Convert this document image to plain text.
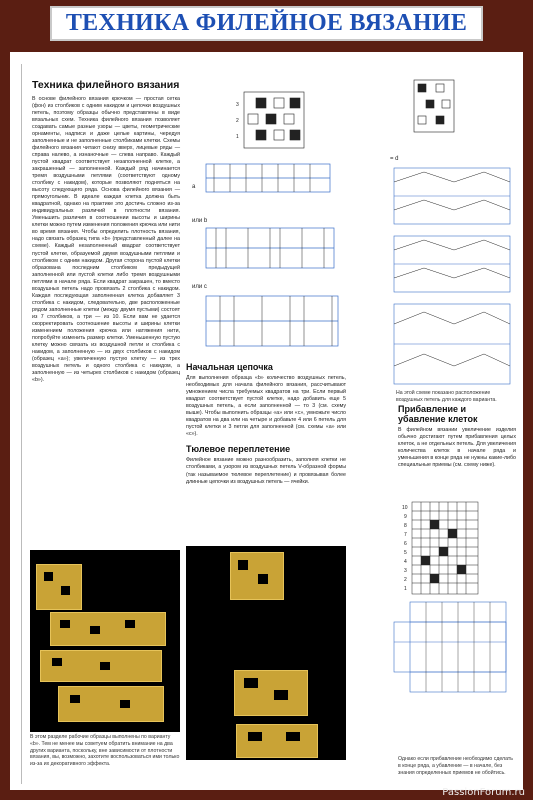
ТЕХНИКА ФИЛЕЙНОЕ ВЯЗАНИЕ
Техника филейного вязания

В основе филейного вязания крючком — простая сетка (фон) из столбиков с одним накидом и цепочки воздушных петель, поэтому образцы обычно представлены в виде вязальных схем. Техника филейного вязания позволяет создавать самые разные узоры — цветы, геометрические орнаменты, надписи и даже целые картины, чередуя заполненные и не заполненные столбиками клетки. Схемы филейного вязания читают снизу вверх, лицевые ряды — справа налево, а изнаночные — слева направо. Каждый пустой квадрат соответствует незаполненной клетке, а закрашенный — заполненной. Каждый ряд начинается тремя воздушными петлями (соответствуют одному столбику с накидом), которые позволяют подняться на высоту следующего ряда. Основа филейного вязания — прямоугольник. В идеале каждая клетка должна быть квадратной, однако на практике это достичь сложно из-за индивидуальных различий в плотности вязания. Уменьшить различия в соотношении высоты и ширины клетки можно путем изменения положения крючка или нити во время вязания. Чтобы определить плотность вязания, надо связать образец типа «b» (представленный далее на схеме). Каждый незаполненный квадрат соответствует пустой клетке, образуемой двумя воздушными петлями и столбиком с одним накидом. Другая сторона пустой клетки образована последним столбиком предыдущей заполненной или пустой клетки либо тремя воздушными петлями в начале ряда. Если квадрат закрашен, то вместо воздушных петель надо провязать 2 столбика с накидом. Каждая последующая заполненная клетка добавляет 3 столбика с накидом, следовательно, две расположенные рядом заполненные клетки (между двумя пустыми) состоят из 7 столбиков, а три — из 10. Если вам не удается скорректировать соотношение высоты и ширины клетки изменением положения крючка или натяжения нити, попробуйте изменить размер клетки. Уменьшенную пустую клетку можно связать из воздушной петли и столбика с накидом, а заполненную — из двух столбиков с накидом (образец «a»); увеличенную пустую клетку — из трех воздушных петель и одного столбика с накидом, а заполненную — из четырех столбиков с накидом (образец «b»).

В этом разделе рабочие образцы выполнены по варианту «b». Тем не менее мы советуем обратить внимание на два других варианта, поскольку, вне зависимости от плотности вязания, вы, возможно, захотите воспользоваться ими только из-за их декоративного эффекта.
3
2
1
a
или b
или c
Начальная цепочка

Для выполнения образца «b» количество воздушных петель, необходимых для начала филейного вязания, рассчитывают умножением числа требуемых квадратов на три. Если первый квадрат соответствует пустой клетке, надо добавить еще 5 воздушных петель, а если заполненной — то 3 (см. схему выше). Чтобы выполнить образцы «a» или «c», умножьте число квадратов на два или на четыре и добавьте 4 или 6 петель для пустой клетки и 3 петли для заполненной (см. схемы «a» или «c»).

Тюлевое переплетение

Филейное вязание можно разнообразить, заполняя клетки не столбиками, а узором из воздушных петель V-образной формы (так называемое тюлевое переплетение) и провязывая более длинные цепочки из воздушных петель — ячейки.

= d
На этой схеме показано расположение воздушных петель для каждого варианта.
Прибавление и убавление клеток

В филейном вязании увеличение изделия обычно достигают путем прибавления целых клеток, а не отдельных петель. Для увеличения количества клеток в начале ряда и уменьшения в конце ряда не нужны какие-либо специальные приемы (см. схему ниже).

10
9
8
7
6
5
4
3
2
1
Однако если прибавление необходимо сделать в конце ряда, а убавление — в начале, без знания определенных приемов не обойтись.
PassionForum.ru
